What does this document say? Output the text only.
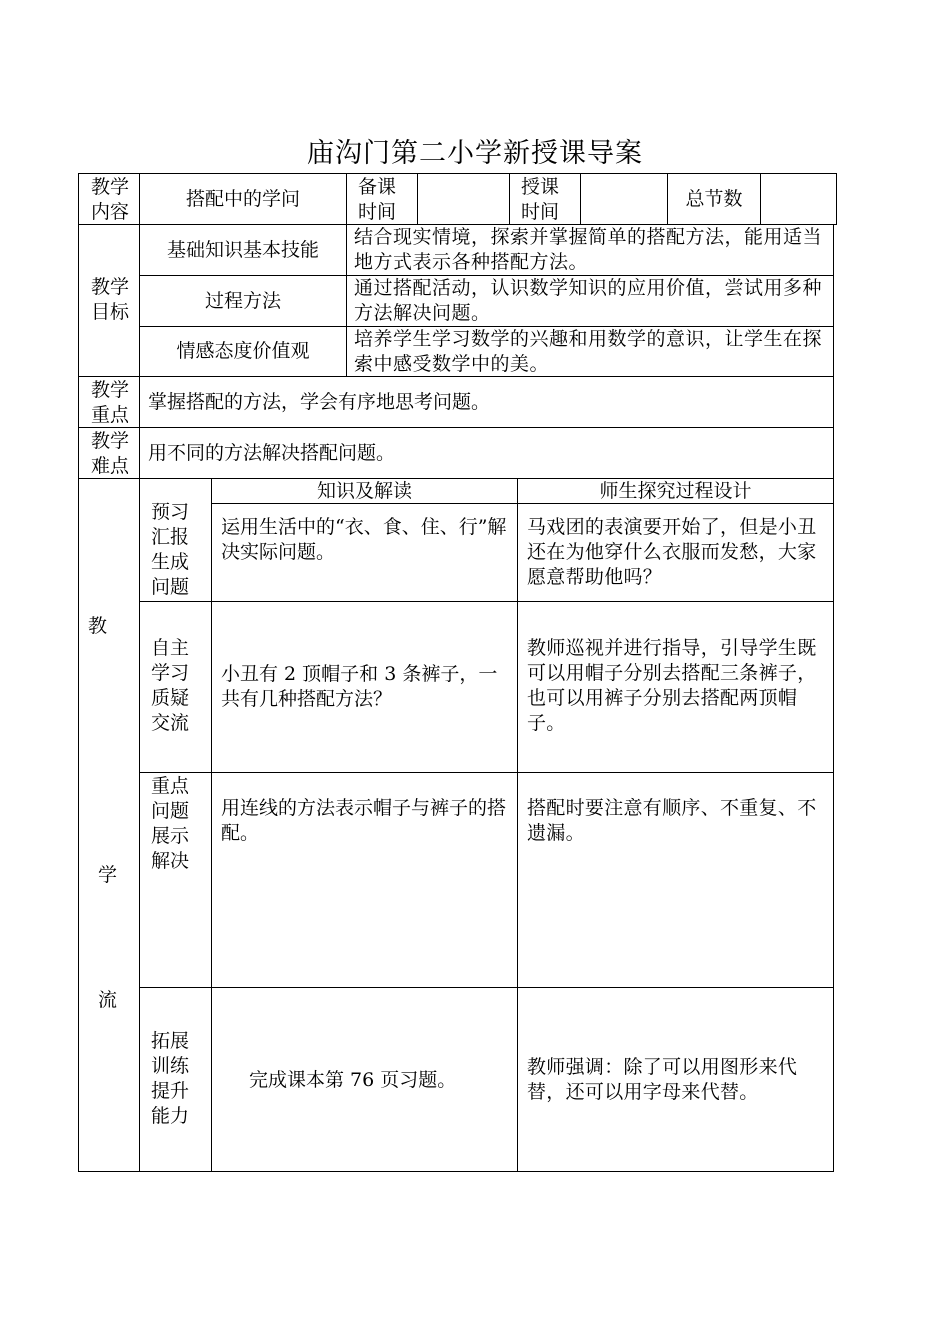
庙沟门第二小学新授课导案
教学
内容
搭配中的学问
备课
时间
授课
时间
总节数
教学
目标
基础知识基本技能
结合现实情境，探索并掌握简单的搭配方法，能用适当地方式表示各种搭配方法。
过程方法
通过搭配活动，认识数学知识的应用价值，尝试用多种方法解决问题。
情感态度价值观
培养学生学习数学的兴趣和用数学的意识，让学生在探索中感受数学中的美。
教学
重点
掌握搭配的方法，学会有序地思考问题。
教学
难点
用不同的方法解决搭配问题。
教
学
流
知识及解读	师生探究过程设计
预习
汇报
生成
问题
运用生活中的“衣、食、住、行”解决实际问题。
马戏团的表演要开始了，但是小丑还在为他穿什么衣服而发愁，大家愿意帮助他吗？
自主
学习
质疑
交流
小丑有 2 顶帽子和 3 条裤子，一共有几种搭配方法？
教师巡视并进行指导，引导学生既可以用帽子分别去搭配三条裤子，也可以用裤子分别去搭配两顶帽子。
重点
问题
展示
解决
用连线的方法表示帽子与裤子的搭配。
搭配时要注意有顺序、不重复、不遗漏。
拓展
训练
提升
能力
完成课本第 76 页习题。
教师强调：除了可以用图形来代替，还可以用字母来代替。
